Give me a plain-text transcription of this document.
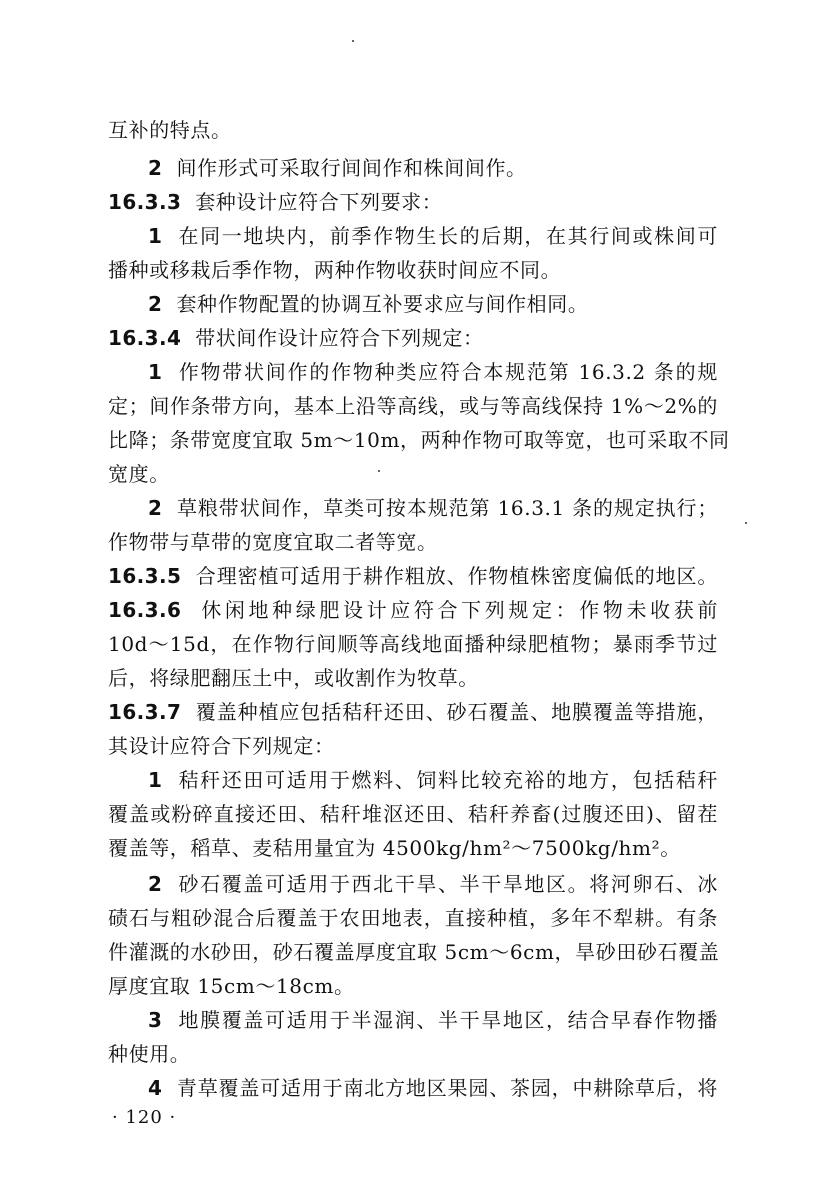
互补的特点。
2 间作形式可采取行间间作和株间间作。
16.3.3 套种设计应符合下列要求：
1 在同一地块内，前季作物生长的后期，在其行间或株间可
播种或移栽后季作物，两种作物收获时间应不同。
2 套种作物配置的协调互补要求应与间作相同。
16.3.4 带状间作设计应符合下列规定：
1 作物带状间作的作物种类应符合本规范第 16.3.2 条的规
定；间作条带方向，基本上沿等高线，或与等高线保持 1%～2%的
比降；条带宽度宜取 5m～10m，两种作物可取等宽，也可采取不同
宽度。
2 草粮带状间作，草类可按本规范第 16.3.1 条的规定执行；
作物带与草带的宽度宜取二者等宽。
16.3.5 合理密植可适用于耕作粗放、作物植株密度偏低的地区。
16.3.6 休闲地种绿肥设计应符合下列规定：作物未收获前
10d～15d，在作物行间顺等高线地面播种绿肥植物；暴雨季节过
后，将绿肥翻压土中，或收割作为牧草。
16.3.7 覆盖种植应包括秸秆还田、砂石覆盖、地膜覆盖等措施，
其设计应符合下列规定：
1 秸秆还田可适用于燃料、饲料比较充裕的地方，包括秸秆
覆盖或粉碎直接还田、秸秆堆沤还田、秸秆养畜(过腹还田)、留茬
覆盖等，稻草、麦秸用量宜为 4500kg/hm²～7500kg/hm²。
2 砂石覆盖可适用于西北干旱、半干旱地区。将河卵石、冰
碛石与粗砂混合后覆盖于农田地表，直接种植，多年不犁耕。有条
件灌溉的水砂田，砂石覆盖厚度宜取 5cm～6cm，旱砂田砂石覆盖
厚度宜取 15cm～18cm。
3 地膜覆盖可适用于半湿润、半干旱地区，结合早春作物播
种使用。
4 青草覆盖可适用于南北方地区果园、茶园，中耕除草后，将
· 120 ·
